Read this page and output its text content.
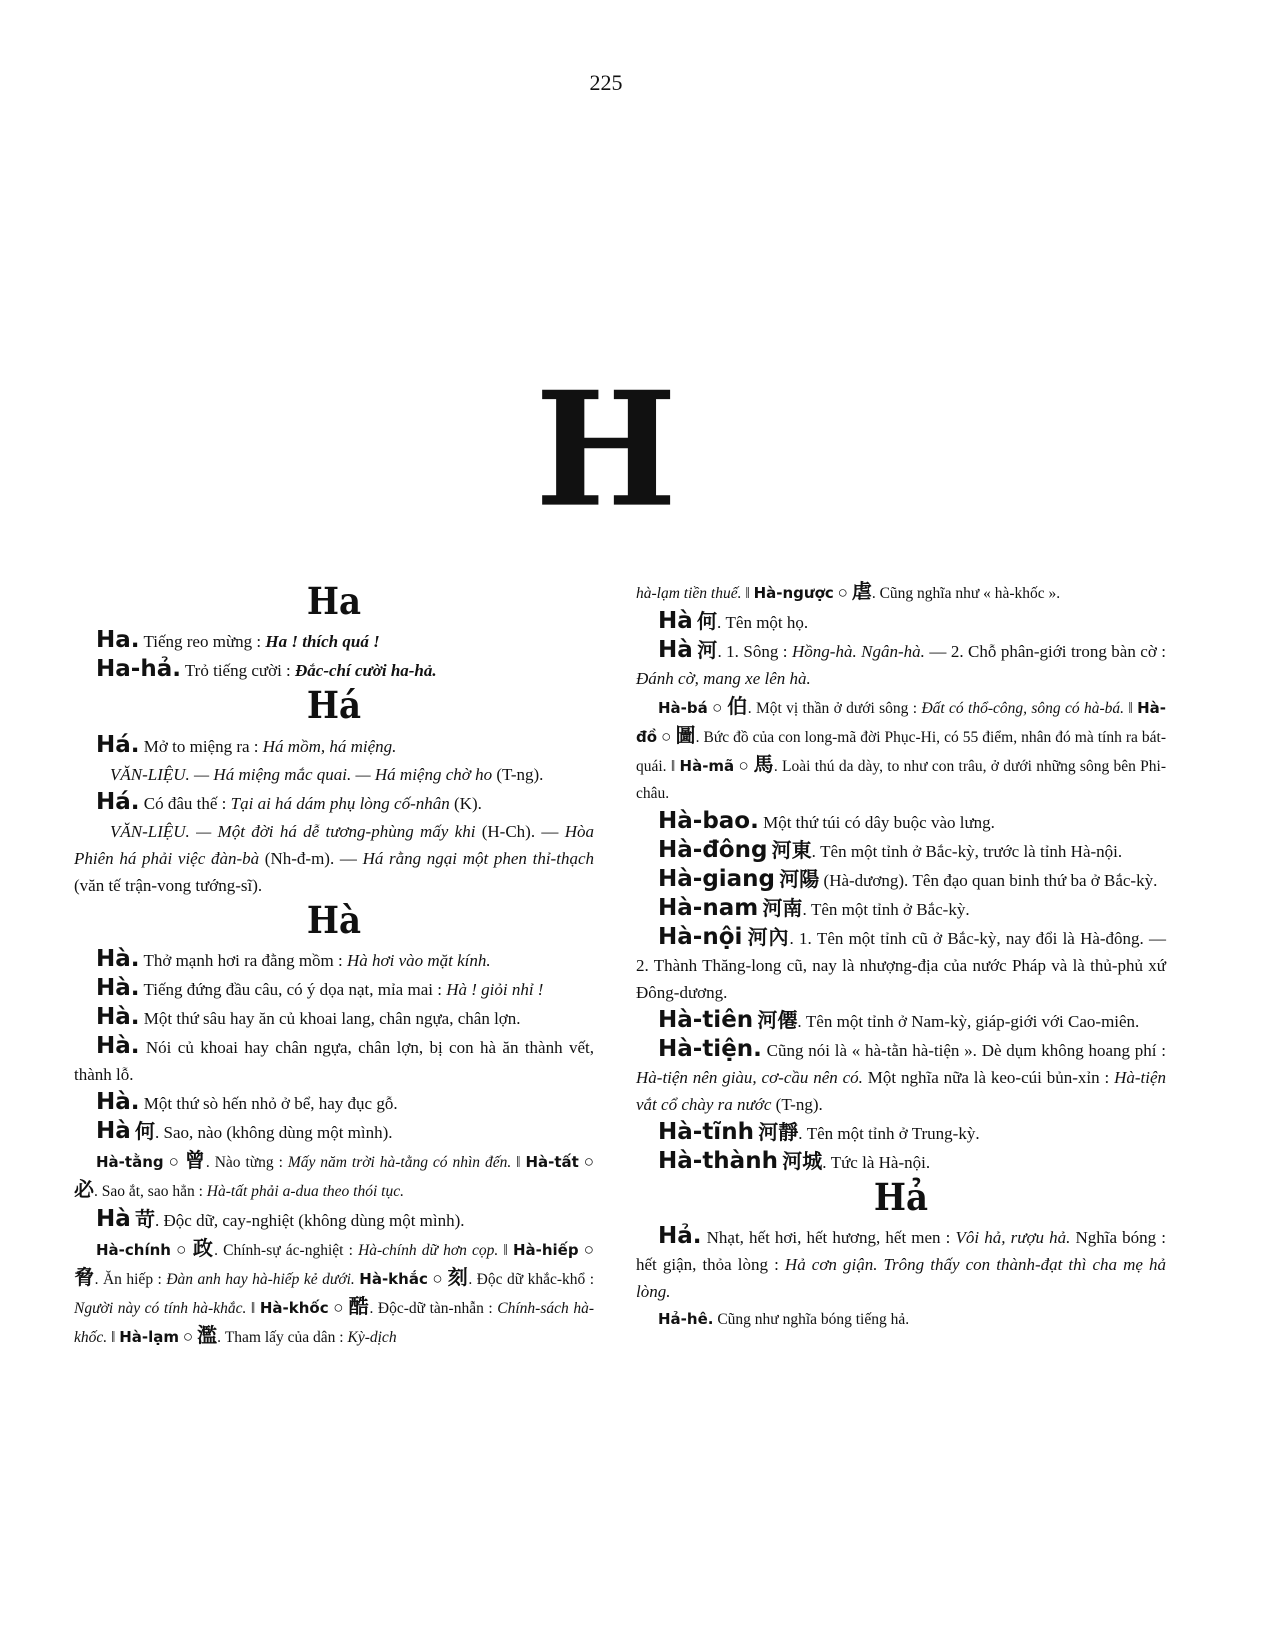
225
H
Ha

Ha. Tiếng reo mừng : Ha ! thích quá !

Ha-hả. Trỏ tiếng cười : Đắc-chí cười ha-hả.

Há

Há. Mở to miệng ra : Há mồm, há miệng.

VĂN-LIỆU. — Há miệng mắc quai. — Há miệng chờ ho (T-ng).

Há. Có đâu thế : Tại ai há dám phụ lòng cố-nhân (K).

VĂN-LIỆU. — Một đời há dễ tương-phùng mấy khi (H-Ch). — Hòa Phiên há phải việc đàn-bà (Nh-đ-m). — Há rằng ngại một phen thỉ-thạch (văn tế trận-vong tướng-sĩ).

Hà

Hà. Thở mạnh hơi ra đằng mồm : Hà hơi vào mặt kính.

Hà. Tiếng đứng đầu câu, có ý dọa nạt, mỉa mai : Hà ! giỏi nhỉ !

Hà. Một thứ sâu hay ăn củ khoai lang, chân ngựa, chân lợn.

Hà. Nói củ khoai hay chân ngựa, chân lợn, bị con hà ăn thành vết, thành lỗ.

Hà. Một thứ sò hến nhỏ ở bể, hay đục gỗ.

Hà 何. Sao, nào (không dùng một mình).

Hà-tằng ○ 曾. Nào từng : Mấy năm trời hà-tằng có nhìn đến. ‖ Hà-tất ○ 必. Sao ắt, sao hẳn : Hà-tất phải a-dua theo thói tục.

Hà 苛. Độc dữ, cay-nghiệt (không dùng một mình).

Hà-chính ○ 政. Chính-sự ác-nghiệt : Hà-chính dữ hơn cọp. ‖ Hà-hiếp ○ 脅. Ăn hiếp : Đàn anh hay hà-hiếp kẻ dưới. Hà-khắc ○ 刻. Độc dữ khắc-khổ : Người này có tính hà-khắc. ‖ Hà-khốc ○ 酷. Độc-dữ tàn-nhẫn : Chính-sách hà-khốc. ‖ Hà-lạm ○ 濫. Tham lấy của dân : Kỳ-dịch

hà-lạm tiền thuế. ‖ Hà-ngược ○ 虐. Cũng nghĩa như « hà-khốc ».

Hà 何. Tên một họ.

Hà 河. 1. Sông : Hồng-hà. Ngân-hà. — 2. Chỗ phân-giới trong bàn cờ : Đánh cờ, mang xe lên hà.

Hà-bá ○ 伯. Một vị thần ở dưới sông : Đất có thổ-công, sông có hà-bá. ‖ Hà-đồ ○ 圖. Bức đồ của con long-mã đời Phục-Hi, có 55 điểm, nhân đó mà tính ra bát-quái. ‖ Hà-mã ○ 馬. Loài thú da dày, to như con trâu, ở dưới những sông bên Phi-châu.

Hà-bao. Một thứ túi có dây buộc vào lưng.

Hà-đông 河東. Tên một tỉnh ở Bắc-kỳ, trước là tỉnh Hà-nội.

Hà-giang 河陽 (Hà-dương). Tên đạo quan binh thứ ba ở Bắc-kỳ.

Hà-nam 河南. Tên một tỉnh ở Bắc-kỳ.

Hà-nội 河內. 1. Tên một tỉnh cũ ở Bắc-kỳ, nay đổi là Hà-đông. — 2. Thành Thăng-long cũ, nay là nhượng-địa của nước Pháp và là thủ-phủ xứ Đông-dương.

Hà-tiên 河僊. Tên một tỉnh ở Nam-kỳ, giáp-giới với Cao-miên.

Hà-tiện. Cũng nói là « hà-tằn hà-tiện ». Dè dụm không hoang phí : Hà-tiện nên giàu, cơ-cầu nên có. Một nghĩa nữa là keo-cúi bủn-xỉn : Hà-tiện vắt cổ chày ra nước (T-ng).

Hà-tĩnh 河靜. Tên một tỉnh ở Trung-kỳ.

Hà-thành 河城. Tức là Hà-nội.

Hả

Hả. Nhạt, hết hơi, hết hương, hết men : Vôi hả, rượu hả. Nghĩa bóng : hết giận, thỏa lòng : Hả cơn giận. Trông thấy con thành-đạt thì cha mẹ hả lòng.

Hả-hê. Cũng như nghĩa bóng tiếng hả.
